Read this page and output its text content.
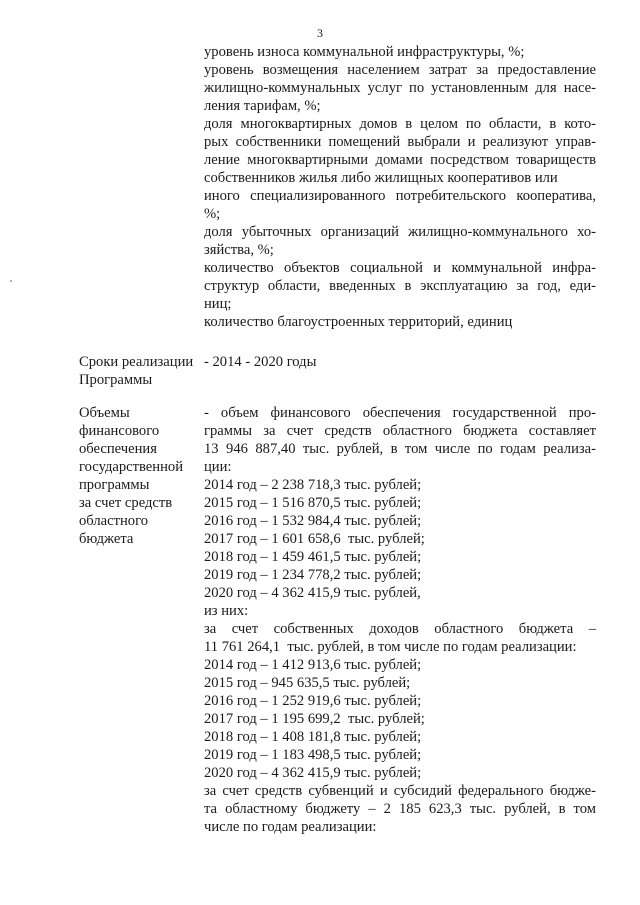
3
уровень износа коммунальной инфраструктуры, %;
уровень возмещения населением затрат за предоставление
жилищно-коммунальных услуг по установленным для насе-
ления тарифам, %;
доля многоквартирных домов в целом по области, в кото-
рых собственники помещений выбрали и реализуют управ-
ление многоквартирными домами посредством товариществ
собственников жилья либо жилищных кооперативов или
иного специализированного потребительского кооператива,
%;
доля убыточных организаций жилищно-коммунального хо-
зяйства, %;
количество объектов социальной и коммунальной инфра-
структур области, введенных в эксплуатацию за год, еди-
ниц;
количество благоустроенных территорий, единиц
Сроки реализации
Программы
- 2014 - 2020 годы
Объемы
финансового
обеспечения
государственной
программы
за счет средств
областного
бюджета
- объем финансового обеспечения государственной про-
граммы за счет средств областного бюджета составляет
13 946 887,40 тыс. рублей, в том числе по годам реализа-
ции:
2014 год – 2 238 718,3 тыс. рублей;
2015 год – 1 516 870,5 тыс. рублей;
2016 год – 1 532 984,4 тыс. рублей;
2017 год – 1 601 658,6  тыс. рублей;
2018 год – 1 459 461,5 тыс. рублей;
2019 год – 1 234 778,2 тыс. рублей;
2020 год – 4 362 415,9 тыс. рублей,
из них:
за счет собственных доходов областного бюджета –
11 761 264,1  тыс. рублей, в том числе по годам реализации:
2014 год – 1 412 913,6 тыс. рублей;
2015 год – 945 635,5 тыс. рублей;
2016 год – 1 252 919,6 тыс. рублей;
2017 год – 1 195 699,2  тыс. рублей;
2018 год – 1 408 181,8 тыс. рублей;
2019 год – 1 183 498,5 тыс. рублей;
2020 год – 4 362 415,9 тыс. рублей;
за счет средств субвенций и субсидий федерального бюдже-
та областному бюджету – 2 185 623,3 тыс. рублей, в том
числе по годам реализации:
